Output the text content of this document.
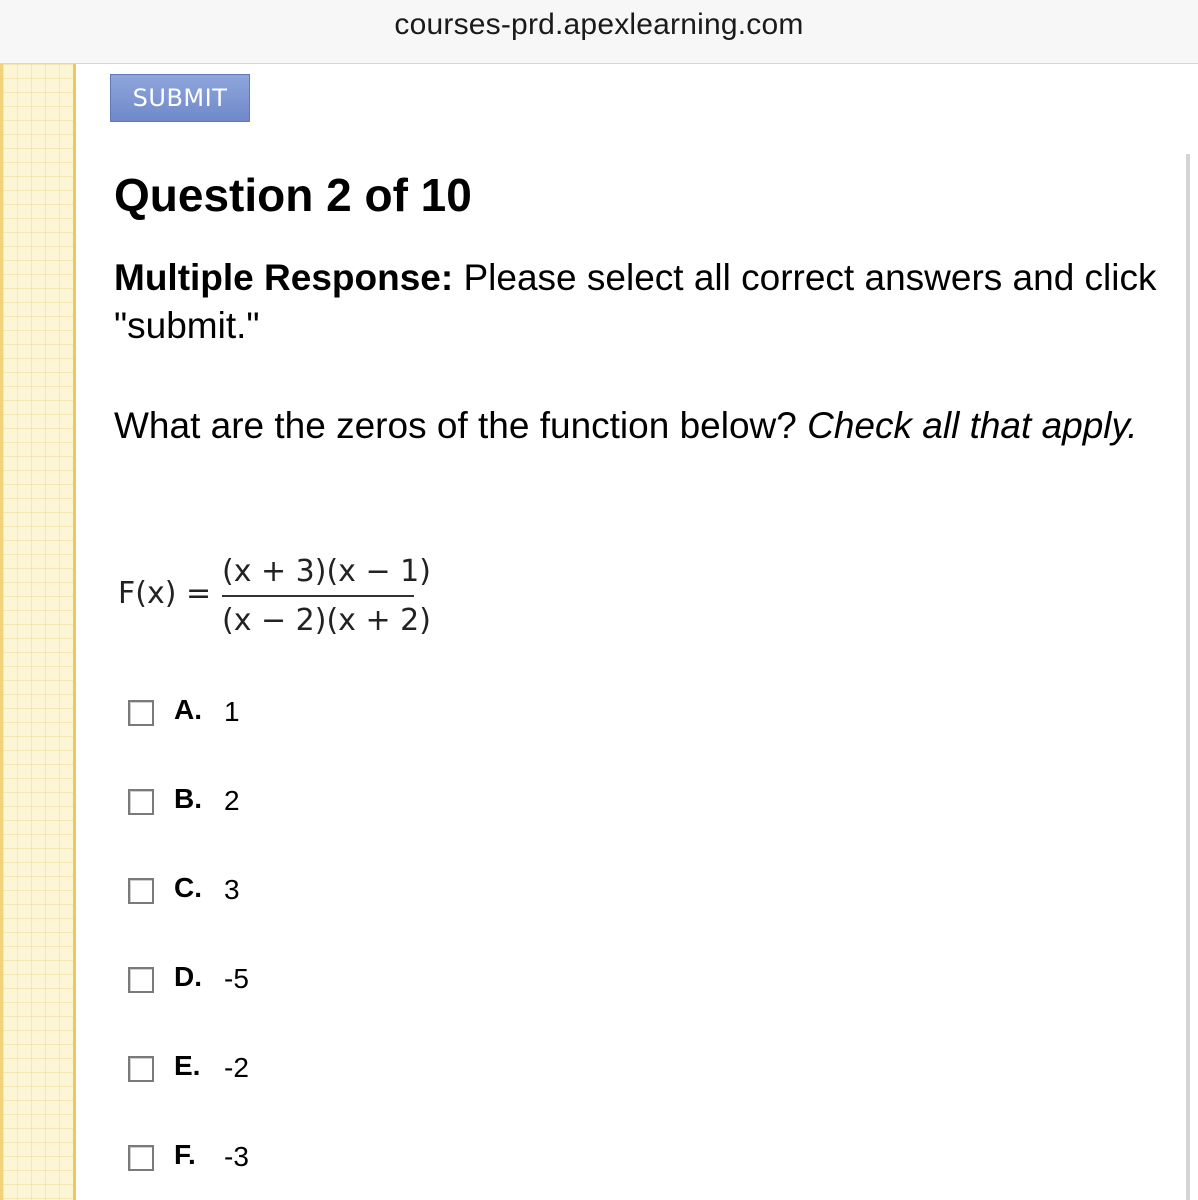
courses-prd.apexlearning.com
SUBMIT
Question 2 of 10

Multiple Response: Please select all correct answers and click "submit."

What are the zeros of the function below? Check all that apply.

F(x) =
(x + 3)(x − 1)
(x − 2)(x + 2)
A. 1
B. 2
C. 3
D. -5
E. -2
F. -3
